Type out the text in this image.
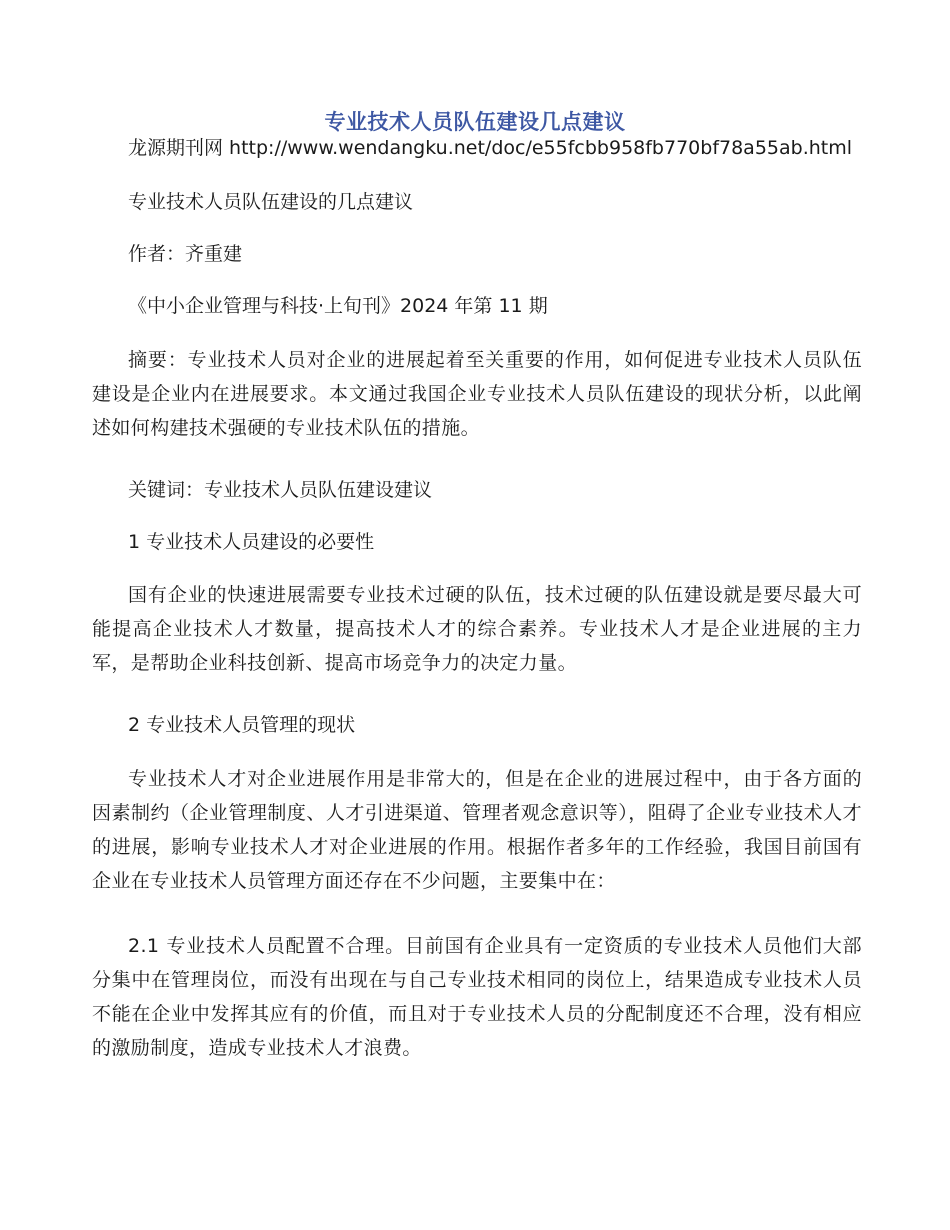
专业技术人员队伍建设几点建议

龙源期刊网 http://www.wendangku.net/doc/e55fcbb958fb770bf78a55ab.html

专业技术人员队伍建设的几点建议

作者：齐重建

《中小企业管理与科技·上旬刊》2024 年第 11 期

摘要：专业技术人员对企业的进展起着至关重要的作用，如何促进专业技术人员队伍建设是企业内在进展要求。本文通过我国企业专业技术人员队伍建设的现状分析，以此阐述如何构建技术强硬的专业技术队伍的措施。

关键词：专业技术人员队伍建设建议

1 专业技术人员建设的必要性

国有企业的快速进展需要专业技术过硬的队伍，技术过硬的队伍建设就是要尽最大可能提高企业技术人才数量，提高技术人才的综合素养。专业技术人才是企业进展的主力军，是帮助企业科技创新、提高市场竞争力的决定力量。

2 专业技术人员管理的现状

专业技术人才对企业进展作用是非常大的，但是在企业的进展过程中，由于各方面的因素制约（企业管理制度、人才引进渠道、管理者观念意识等），阻碍了企业专业技术人才的进展，影响专业技术人才对企业进展的作用。根据作者多年的工作经验，我国目前国有企业在专业技术人员管理方面还存在不少问题，主要集中在：

2.1 专业技术人员配置不合理。目前国有企业具有一定资质的专业技术人员他们大部分集中在管理岗位，而没有出现在与自己专业技术相同的岗位上，结果造成专业技术人员不能在企业中发挥其应有的价值，而且对于专业技术人员的分配制度还不合理，没有相应的激励制度，造成专业技术人才浪费。
